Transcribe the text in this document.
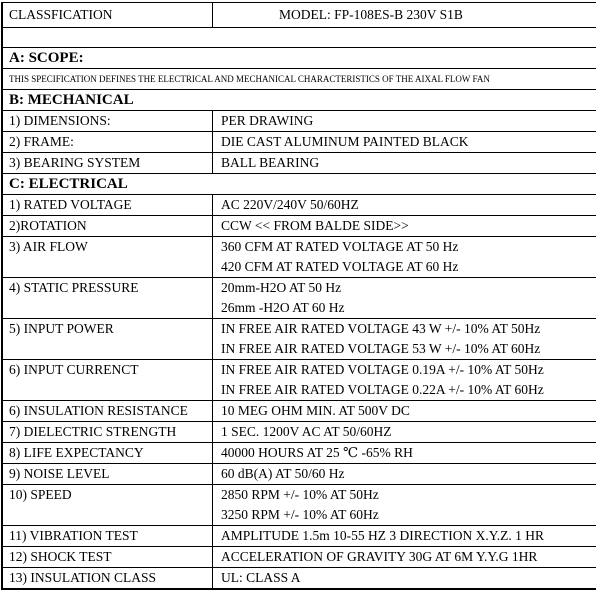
CLASSFICATION	MODEL: FP-108ES-B 230V S1B

A: SCOPE:	
THIS SPECIFICATION DEFINES THE ELECTRICAL AND MECHANICAL CHARACTERISTICS OF THE AIXAL FLOW FAN	
B: MECHANICAL	
1) DIMENSIONS:	PER DRAWING

2) FRAME:	DIE CAST ALUMINUM PAINTED BLACK

3) BEARING SYSTEM	BALL BEARING

C: ELECTRICAL	
1) RATED VOLTAGE	AC 220V/240V 50/60HZ

2)ROTATION	CCW << FROM BALDE SIDE>>

3) AIR FLOW	360 CFM AT RATED VOLTAGE AT 50 Hz
420 CFM AT RATED VOLTAGE AT 60 Hz

4) STATIC PRESSURE	20mm-H2O AT 50 Hz
26mm -H2O AT 60 Hz

5) INPUT POWER	IN FREE AIR RATED VOLTAGE 43 W +/- 10% AT 50Hz
IN FREE AIR RATED VOLTAGE 53 W +/- 10% AT 60Hz

6) INPUT CURRENCT	IN FREE AIR RATED VOLTAGE 0.19A +/- 10% AT 50Hz
IN FREE AIR RATED VOLTAGE 0.22A +/- 10% AT 60Hz

6) INSULATION RESISTANCE	10 MEG OHM MIN. AT 500V DC

7) DIELECTRIC STRENGTH	1 SEC. 1200V AC AT 50/60HZ

8) LIFE EXPECTANCY	40000 HOURS AT 25 ℃ -65% RH

9) NOISE LEVEL	60 dB(A) AT 50/60 Hz

10) SPEED	2850 RPM +/- 10% AT 50Hz
3250 RPM +/- 10% AT 60Hz

11) VIBRATION TEST	AMPLITUDE 1.5m 10-55 HZ 3 DIRECTION X.Y.Z. 1 HR

12) SHOCK TEST	ACCELERATION OF GRAVITY 30G AT 6M Y.Y.G 1HR

13) INSULATION CLASS	UL: CLASS A
